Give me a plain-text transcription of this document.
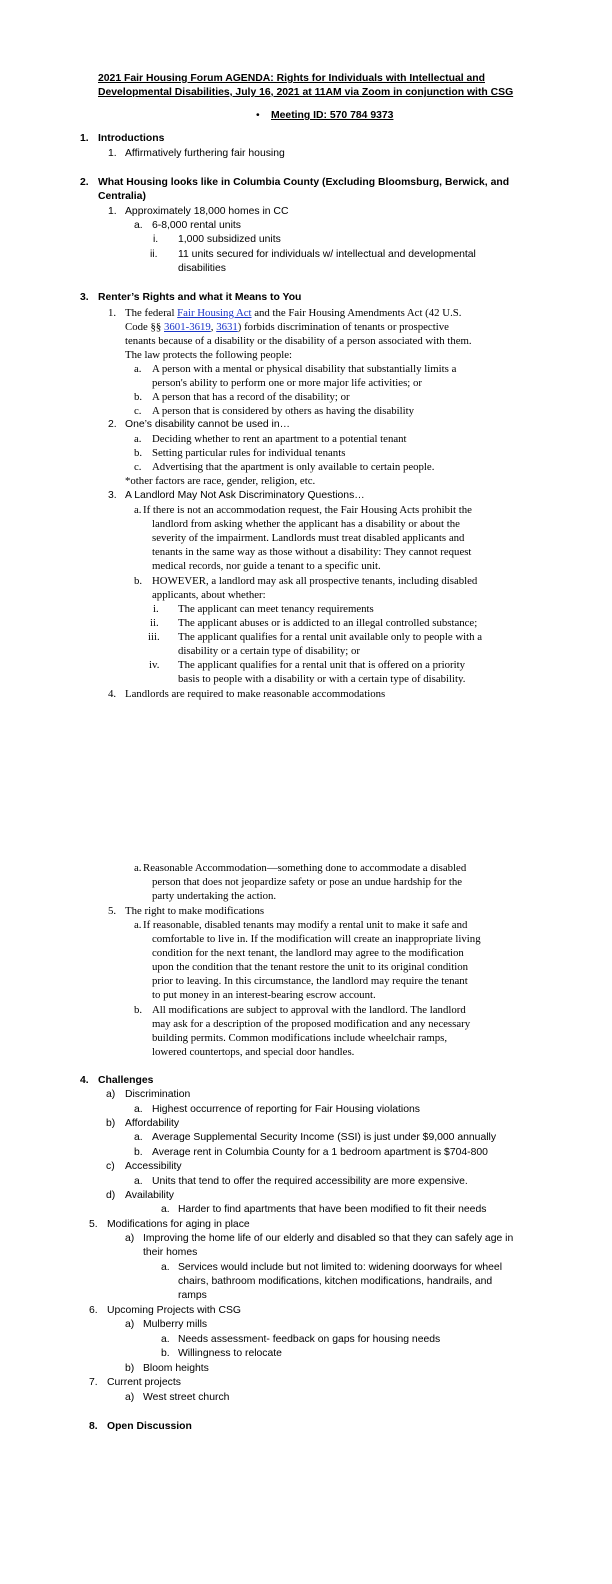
2021 Fair Housing Forum AGENDA: Rights for Individuals with Intellectual and
Developmental Disabilities, July 16, 2021 at 11AM via Zoom in conjunction with CSG
• Meeting ID: 570 784 9373
1. Introductions
1. Affirmatively furthering fair housing
2. What Housing looks like in Columbia County (Excluding Bloomsburg, Berwick, and
Centralia)
1. Approximately 18,000 homes in CC
a. 6-8,000 rental units
i. 1,000 subsidized units
ii. 11 units secured for individuals w/ intellectual and developmental
disabilities
3. Renter’s Rights and what it Means to You
1. The federal Fair Housing Act and the Fair Housing Amendments Act (42 U.S.
Code §§ 3601-3619, 3631) forbids discrimination of tenants or prospective
tenants because of a disability or the disability of a person associated with them.
The law protects the following people:
a. A person with a mental or physical disability that substantially limits a
person's ability to perform one or more major life activities; or
b. A person that has a record of the disability; or
c. A person that is considered by others as having the disability
2. One’s disability cannot be used in…
a. Deciding whether to rent an apartment to a potential tenant
b. Setting particular rules for individual tenants
c. Advertising that the apartment is only available to certain people.
*other factors are race, gender, religion, etc.
3. A Landlord May Not Ask Discriminatory Questions…
a. If there is not an accommodation request, the Fair Housing Acts prohibit the
landlord from asking whether the applicant has a disability or about the
severity of the impairment. Landlords must treat disabled applicants and
tenants in the same way as those without a disability: They cannot request
medical records, nor guide a tenant to a specific unit.
b. HOWEVER, a landlord may ask all prospective tenants, including disabled
applicants, about whether:
i. The applicant can meet tenancy requirements
ii. The applicant abuses or is addicted to an illegal controlled substance;
iii. The applicant qualifies for a rental unit available only to people with a
disability or a certain type of disability; or
iv. The applicant qualifies for a rental unit that is offered on a priority
basis to people with a disability or with a certain type of disability.
4. Landlords are required to make reasonable accommodations
a. Reasonable Accommodation—something done to accommodate a disabled
person that does not jeopardize safety or pose an undue hardship for the
party undertaking the action.
5. The right to make modifications
a. If reasonable, disabled tenants may modify a rental unit to make it safe and
comfortable to live in. If the modification will create an inappropriate living
condition for the next tenant, the landlord may agree to the modification
upon the condition that the tenant restore the unit to its original condition
prior to leaving. In this circumstance, the landlord may require the tenant
to put money in an interest-bearing escrow account.
b. All modifications are subject to approval with the landlord. The landlord
may ask for a description of the proposed modification and any necessary
building permits. Common modifications include wheelchair ramps,
lowered countertops, and special door handles.
4. Challenges
a) Discrimination
a. Highest occurrence of reporting for Fair Housing violations
b) Affordability
a. Average Supplemental Security Income (SSI) is just under $9,000 annually
b. Average rent in Columbia County for a 1 bedroom apartment is $704-800
c) Accessibility
a. Units that tend to offer the required accessibility are more expensive.
d) Availability
a. Harder to find apartments that have been modified to fit their needs
5. Modifications for aging in place
a) Improving the home life of our elderly and disabled so that they can safely age in
their homes
a. Services would include but not limited to: widening doorways for wheel
chairs, bathroom modifications, kitchen modifications, handrails, and
ramps
6. Upcoming Projects with CSG
a) Mulberry mills
a. Needs assessment- feedback on gaps for housing needs
b. Willingness to relocate
b) Bloom heights
7. Current projects
a) West street church
8. Open Discussion
